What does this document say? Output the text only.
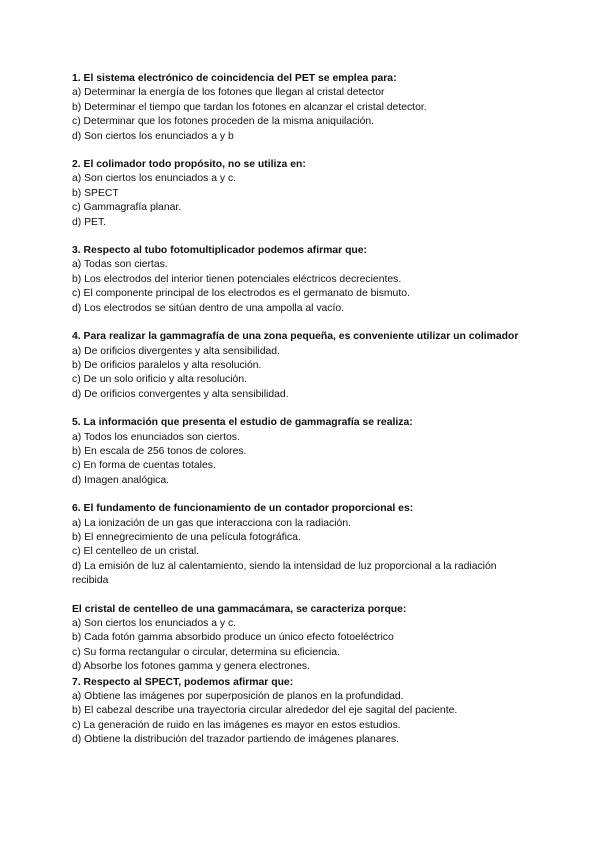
1. El sistema electrónico de coincidencia del PET se emplea para:

a) Determinar la energía de los fotones que llegan al cristal detector

b) Determinar el tiempo que tardan los fotones en alcanzar el cristal detector.

c) Determinar que los fotones proceden de la misma aniquilación.

d) Son ciertos los enunciados a y b

2. El colimador todo propósito, no se utiliza en:

a) Son ciertos los enunciados a y c.

b) SPECT

c) Gammagrafía planar.

d) PET.

3. Respecto al tubo fotomultiplicador podemos afirmar que:

a) Todas son ciertas.

b) Los electrodos del interior tienen potenciales eléctricos decrecientes.

c) El componente principal de los electrodos es el germanato de bismuto.

d) Los electrodos se sitúan dentro de una ampolla al vacío.

4. Para realizar la gammagrafía de una zona pequeña, es conveniente utilizar un colimador

a) De orificios divergentes y alta sensibilidad.

b) De orificios paralelos y alta resolución.

c) De un solo orificio y alta resolución.

d) De orificios convergentes y alta sensibilidad.

5. La información que presenta el estudio de gammagrafía se realiza:

a) Todos los enunciados son ciertos.

b) En escala de 256 tonos de colores.

c) En forma de cuentas totales.

d) Imagen analógica.

6. El fundamento de funcionamiento de un contador proporcional es:

a) La ionización de un gas que interacciona con la radiación.

b) El ennegrecimiento de una película fotográfica.

c) El centelleo de un cristal.

d) La emisión de luz al calentamiento, siendo la intensidad de luz proporcional a la radiación recibida

El cristal de centelleo de una gammacámara, se caracteriza porque:

a) Son ciertos los enunciados a y c.

b) Cada fotón gamma absorbido produce un único efecto fotoeléctrico

c) Su forma rectangular o circular, determina su eficiencia.

d) Absorbe los fotones gamma y genera electrones.

7. Respecto al SPECT, podemos afirmar que:

a) Obtiene las imágenes por superposición de planos en la profundidad.

b) El cabezal describe una trayectoria circular alrededor del eje sagital del paciente.

c) La generación de ruido en las imágenes es mayor en estos estudios.

d) Obtiene la distribución del trazador partiendo de imágenes planares.
